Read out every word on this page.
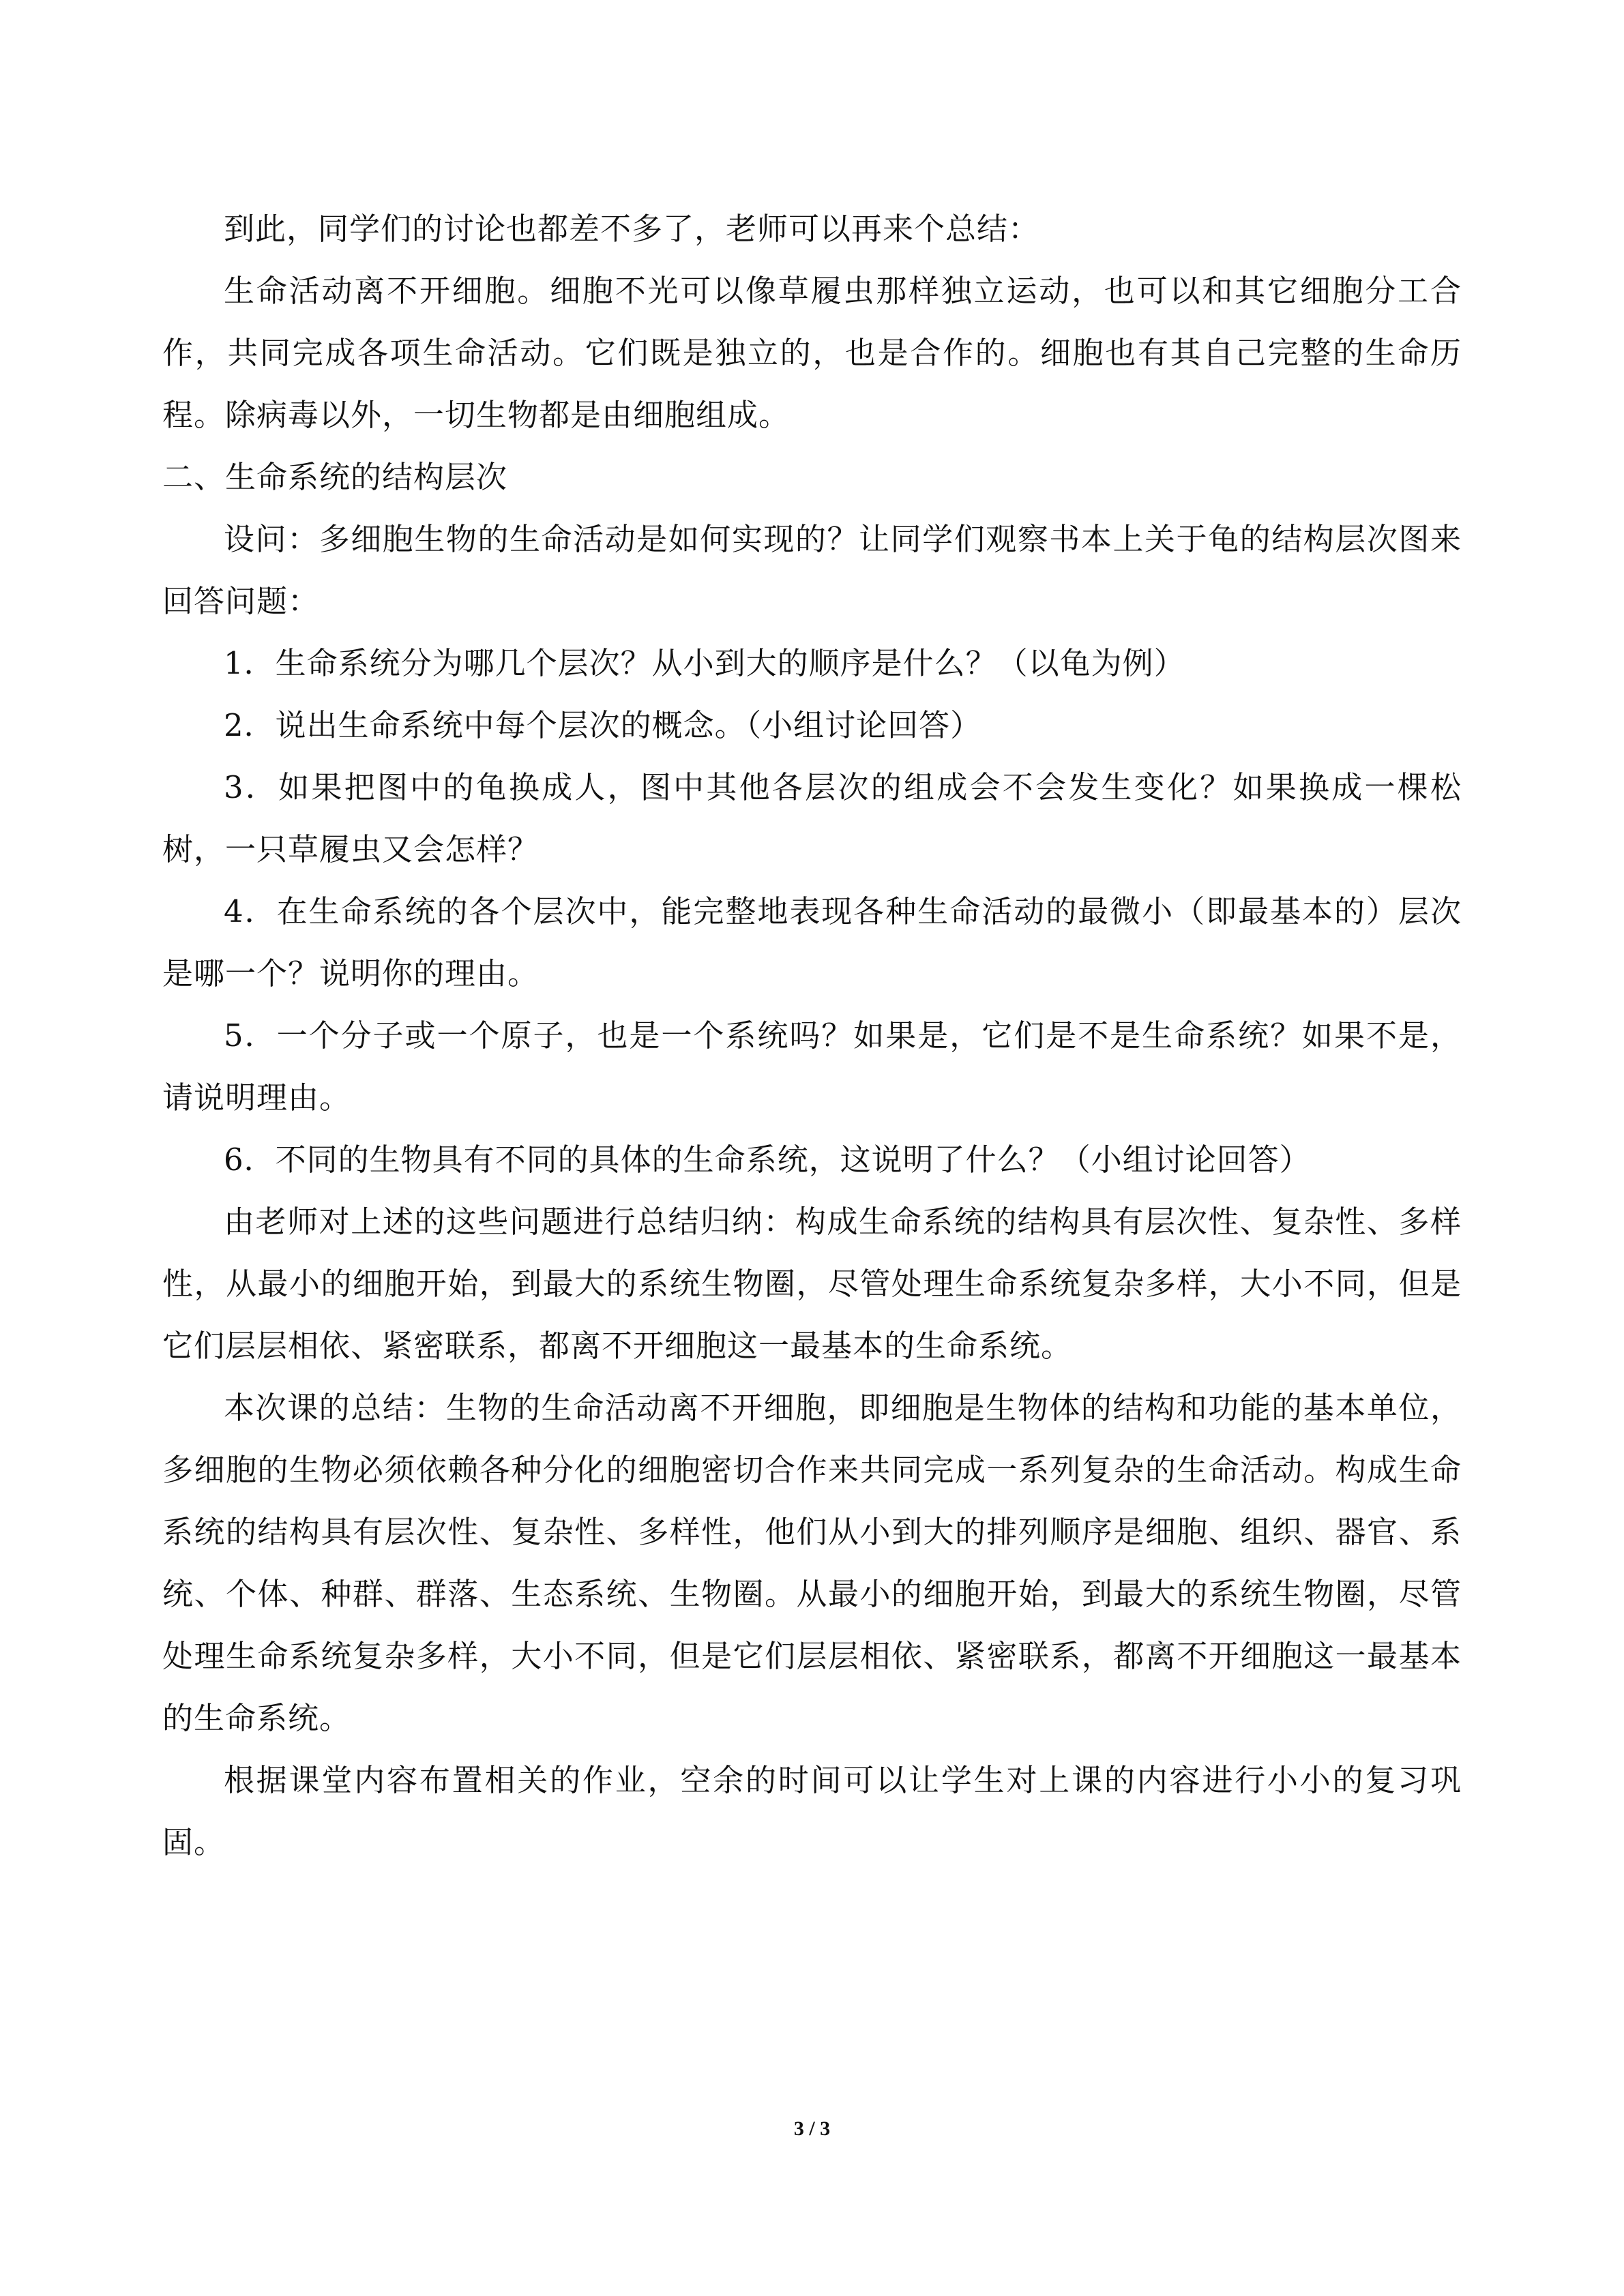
到此，同学们的讨论也都差不多了，老师可以再来个总结：

生命活动离不开细胞。细胞不光可以像草履虫那样独立运动，也可以和其它细胞分工合作，共同完成各项生命活动。它们既是独立的，也是合作的。细胞也有其自己完整的生命历程。除病毒以外，一切生物都是由细胞组成。

二、生命系统的结构层次

设问：多细胞生物的生命活动是如何实现的？让同学们观察书本上关于龟的结构层次图来回答问题：

1．生命系统分为哪几个层次？从小到大的顺序是什么？（以龟为例）

2．说出生命系统中每个层次的概念。（小组讨论回答）

3．如果把图中的龟换成人，图中其他各层次的组成会不会发生变化？如果换成一棵松树，一只草履虫又会怎样？

4．在生命系统的各个层次中，能完整地表现各种生命活动的最微小（即最基本的）层次是哪一个？说明你的理由。

5．一个分子或一个原子，也是一个系统吗？如果是，它们是不是生命系统？如果不是，请说明理由。

6．不同的生物具有不同的具体的生命系统，这说明了什么？（小组讨论回答）

由老师对上述的这些问题进行总结归纳：构成生命系统的结构具有层次性、复杂性、多样性，从最小的细胞开始，到最大的系统生物圈，尽管处理生命系统复杂多样，大小不同，但是它们层层相依、紧密联系，都离不开细胞这一最基本的生命系统。

本次课的总结：生物的生命活动离不开细胞，即细胞是生物体的结构和功能的基本单位，多细胞的生物必须依赖各种分化的细胞密切合作来共同完成一系列复杂的生命活动。构成生命系统的结构具有层次性、复杂性、多样性，他们从小到大的排列顺序是细胞、组织、器官、系统、个体、种群、群落、生态系统、生物圈。从最小的细胞开始，到最大的系统生物圈，尽管处理生命系统复杂多样，大小不同，但是它们层层相依、紧密联系，都离不开细胞这一最基本的生命系统。

根据课堂内容布置相关的作业，空余的时间可以让学生对上课的内容进行小小的复习巩固。

3 / 3
